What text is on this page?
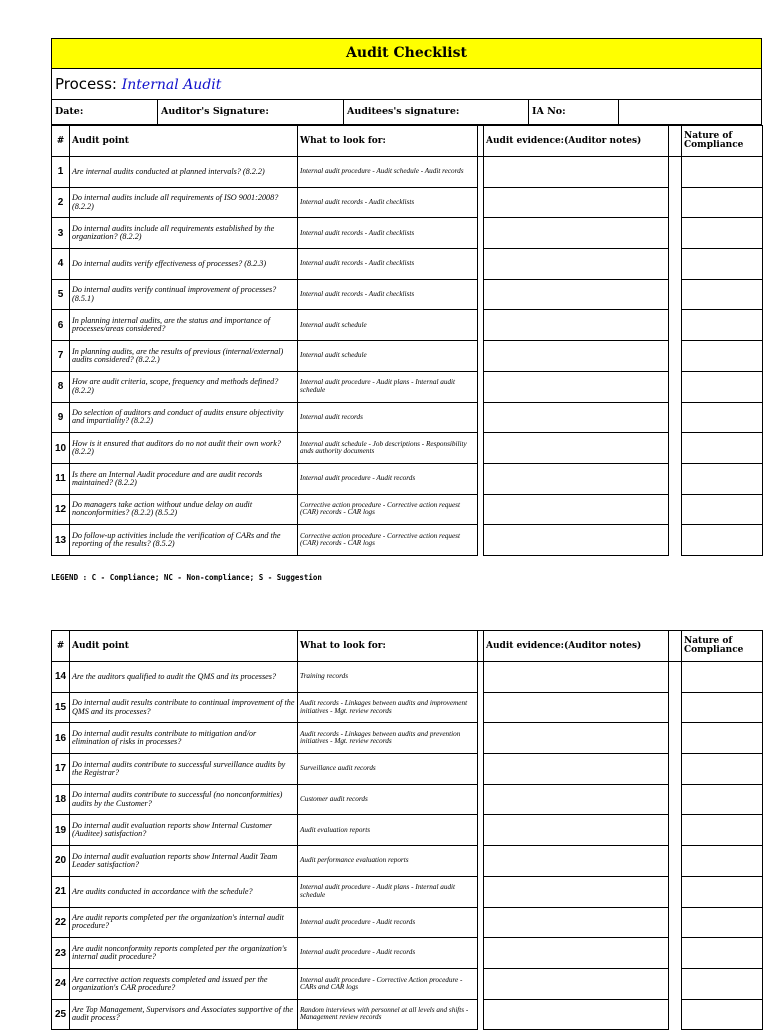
Audit Checklist
Process: Internal Audit
Date:	Auditor's Signature:	Auditees's signature:	IA No:
#	Audit point	What to look for:		Audit evidence:(Auditor notes)		Nature of Compliance
1	Are internal audits conducted at planned intervals? (8.2.2)	Internal audit procedure - Audit schedule - Audit records				
2	Do internal audits include all requirements of ISO 9001:2008? (8.2.2)	Internal audit records - Audit checklists				
3	Do internal audits include all requirements established by the organization? (8.2.2)	Internal audit records - Audit checklists				
4	Do internal audits verify effectiveness of processes? (8.2.3)	Internal audit records - Audit checklists				
5	Do internal audits verify continual improvement of processes? (8.5.1)	Internal audit records - Audit checklists				
6	In planning internal audits, are the status and importance of processes/areas considered?	Internal audit schedule				
7	In planning audits, are the results of previous (internal/external) audits considered? (8.2.2.)	Internal audit schedule				
8	How are audit criteria, scope, frequency and methods defined? (8.2.2)	Internal audit procedure - Audit plans - Internal audit schedule				
9	Do selection of auditors and conduct of audits ensure objectivity and impartiality? (8.2.2)	Internal audit records				
10	How is it ensured that auditors do no not audit their own work? (8.2.2)	Internal audit schedule - Job descriptions - Responsibility ands authority documents				
11	Is there an Internal Audit procedure and are audit records maintained? (8.2.2)	Internal audit procedure - Audit records				
12	Do managers take action without undue delay on audit nonconformities? (8.2.2) (8.5.2)	Corrective action procedure - Corrective action request (CAR) records - CAR logs				
13	Do follow-up activities include the verification of CARs and the reporting of the results? (8.5.2)	Corrective action procedure - Corrective action request (CAR) records - CAR logs				
LEGEND : C - Compliance; NC - Non-compliance; S - Suggestion
#	Audit point	What to look for:		Audit evidence:(Auditor notes)		Nature of Compliance
14	Are the auditors qualified to audit the QMS and its processes?	Training records				
15	Do internal audit results contribute to continual improvement of the QMS and its processes?	Audit records - Linkages between audits and improvement initiatives - Mgt. review records				
16	Do internal audit results contribute to mitigation and/or elimination of risks in processes?	Audit records - Linkages between audits and prevention initiatives - Mgt. review records				
17	Do internal audits contribute to successful surveillance audits by the Registrar?	Surveillance audit records				
18	Do internal audits contribute to successful (no nonconformities) audits by the Customer?	Customer audit records				
19	Do internal audit evaluation reports show Internal Customer (Auditee) satisfaction?	Audit evaluation reports				
20	Do internal audit evaluation reports show Internal Audit Team Leader satisfaction?	Audit performance evaluation reports				
21	Are audits conducted in accordance with the schedule?	Internal audit procedure - Audit plans - Internal audit schedule				
22	Are audit reports completed per the organization's internal audit procedure?	Internal audit procedure - Audit records				
23	Are audit nonconformity reports completed per the organization's internal audit procedure?	Internal audit procedure - Audit records				
24	Are corrective action requests completed and issued per the organization's CAR procedure?	Internal audit procedure - Corrective Action procedure - CARs and CAR logs				
25	Are Top Management, Supervisors and Associates supportive of the audit process?	Random interviews with personnel at all levels and shifts - Management review records				
